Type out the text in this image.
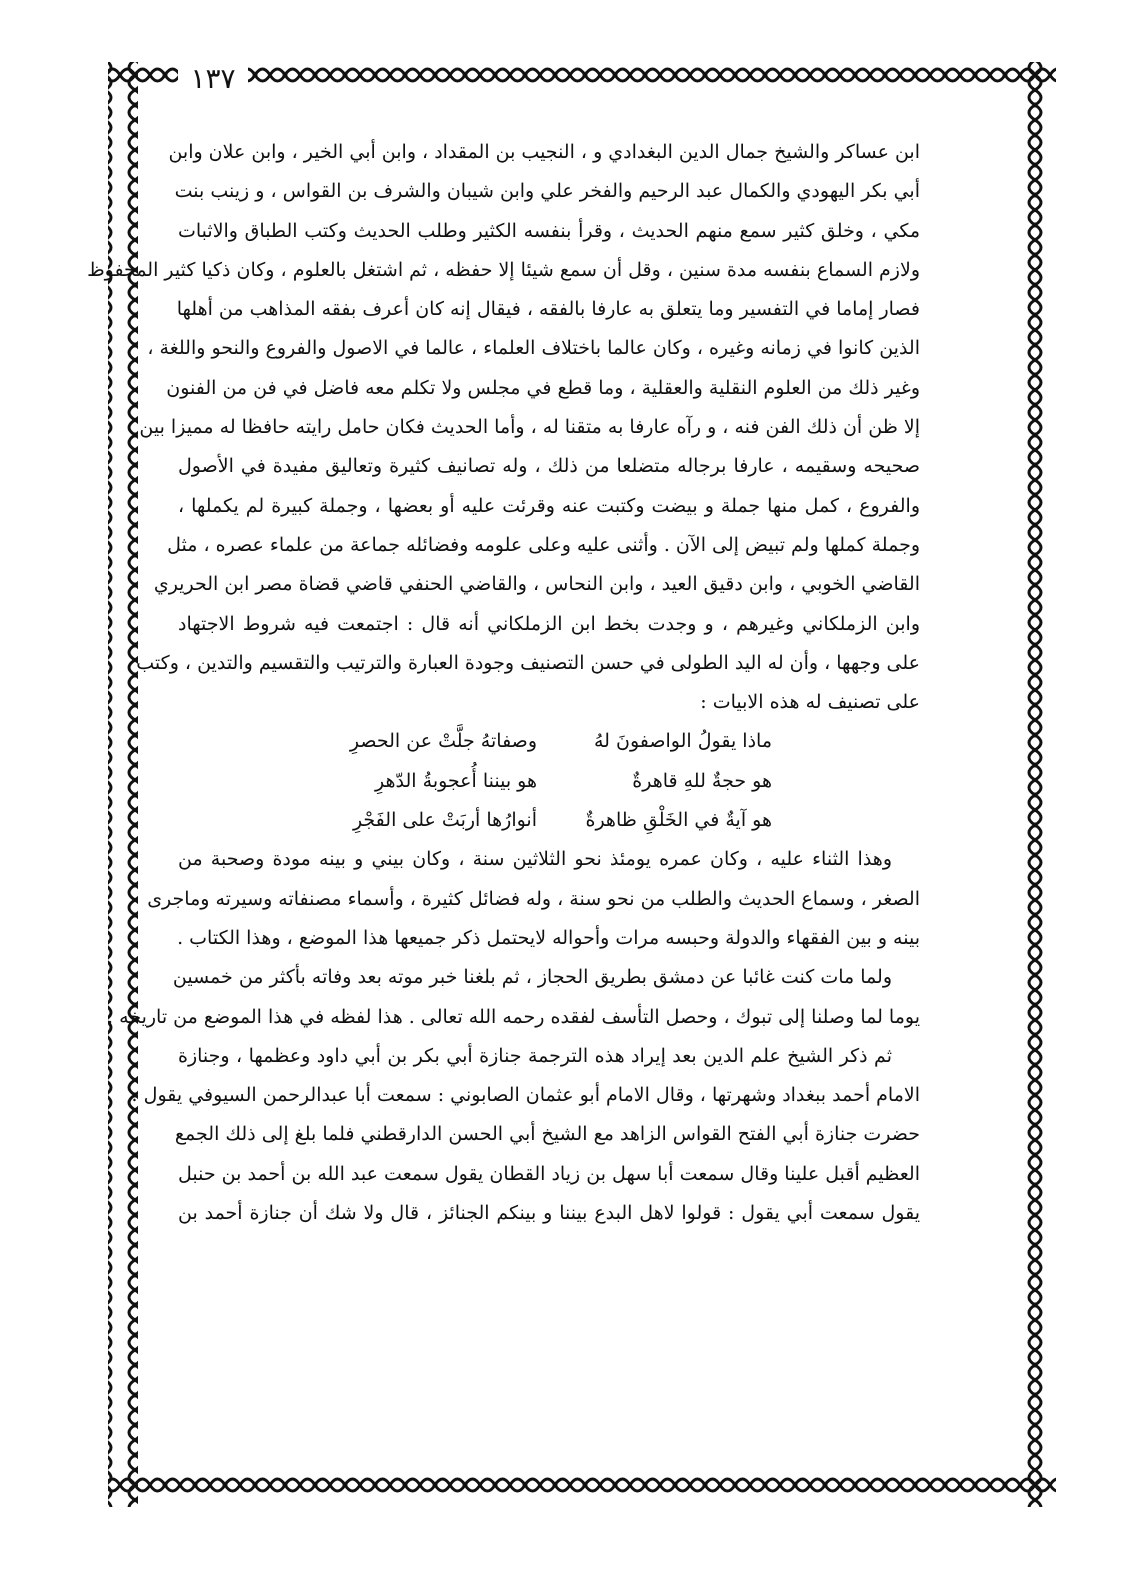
١٣٧
ابن عساكر والشيخ جمال الدين البغدادي و ، النجيب بن المقداد ، وابن أبي الخير ، وابن علان وابن
أبي بكر اليهودي والكمال عبد الرحيم والفخر علي وابن شيبان والشرف بن القواس ، و زينب بنت
مكي ، وخلق كثير سمع منهم الحديث ، وقرأ بنفسه الكثير وطلب الحديث وكتب الطباق والاثبات
ولازم السماع بنفسه مدة سنين ، وقل أن سمع شيئا إلا حفظه ، ثم اشتغل بالعلوم ، وكان ذكيا كثير المحفوظ
فصار إماما في التفسير وما يتعلق به عارفا بالفقه ، فيقال إنه كان أعرف بفقه المذاهب من أهلها
الذين كانوا في زمانه وغيره ، وكان عالما باختلاف العلماء ، عالما في الاصول والفروع والنحو واللغة ،
وغير ذلك من العلوم النقلية والعقلية ، وما قطع في مجلس ولا تكلم معه فاضل في فن من الفنون
إلا ظن أن ذلك الفن فنه ، و رآه عارفا به متقنا له ، وأما الحديث فكان حامل رايته حافظا له مميزا بين
صحيحه وسقيمه ، عارفا برجاله متضلعا من ذلك ، وله تصانيف كثيرة وتعاليق مفيدة في الأصول
والفروع ، كمل منها جملة و بيضت وكتبت عنه وقرئت عليه أو بعضها ، وجملة كبيرة لم يكملها ،
وجملة كملها ولم تبيض إلى الآن . وأثنى عليه وعلى علومه وفضائله جماعة من علماء عصره ، مثل
القاضي الخوبي ، وابن دقيق العيد ، وابن النحاس ، والقاضي الحنفي قاضي قضاة مصر ابن الحريري
وابن الزملكاني وغيرهم ، و وجدت بخط ابن الزملكاني أنه قال : اجتمعت فيه شروط الاجتهاد
على وجهها ، وأن له اليد الطولى في حسن التصنيف وجودة العبارة والترتيب والتقسيم والتدين ، وكتب
على تصنيف له هذه الابيات :
ماذا يقولُ الواصفونَ لهُ
وصفاتهُ جلَّتْ عن الحصرِ
هو حجةٌ للهِ قاهرةٌ
هو بيننا أُعجوبةُ الدّهرِ
هو آيةٌ في الخَلْقِ ظاهرةٌ
أنوارُها أربَتْ على الفَجْرِ
وهذا الثناء عليه ، وكان عمره يومئذ نحو الثلاثين سنة ، وكان بيني و بينه مودة وصحبة من
الصغر ، وسماع الحديث والطلب من نحو سنة ، وله فضائل كثيرة ، وأسماء مصنفاته وسيرته وماجرى
بينه و بين الفقهاء والدولة وحبسه مرات وأحواله لايحتمل ذكر جميعها هذا الموضع ، وهذا الكتاب .
ولما مات كنت غائبا عن دمشق بطريق الحجاز ، ثم بلغنا خبر موته بعد وفاته بأكثر من خمسين
يوما لما وصلنا إلى تبوك ، وحصل التأسف لفقده رحمه الله تعالى . هذا لفظه في هذا الموضع من تاريخه .
ثم ذكر الشيخ علم الدين بعد إيراد هذه الترجمة جنازة أبي بكر بن أبي داود وعظمها ، وجنازة
الامام أحمد ببغداد وشهرتها ، وقال الامام أبو عثمان الصابوني : سمعت أبا عبدالرحمن السيوفي يقول :
حضرت جنازة أبي الفتح القواس الزاهد مع الشيخ أبي الحسن الدارقطني فلما بلغ إلى ذلك الجمع
العظيم أقبل علينا وقال سمعت أبا سهل بن زياد القطان يقول سمعت عبد الله بن أحمد بن حنبل
يقول سمعت أبي يقول : قولوا لاهل البدع بيننا و بينكم الجنائز ، قال ولا شك أن جنازة أحمد بن
